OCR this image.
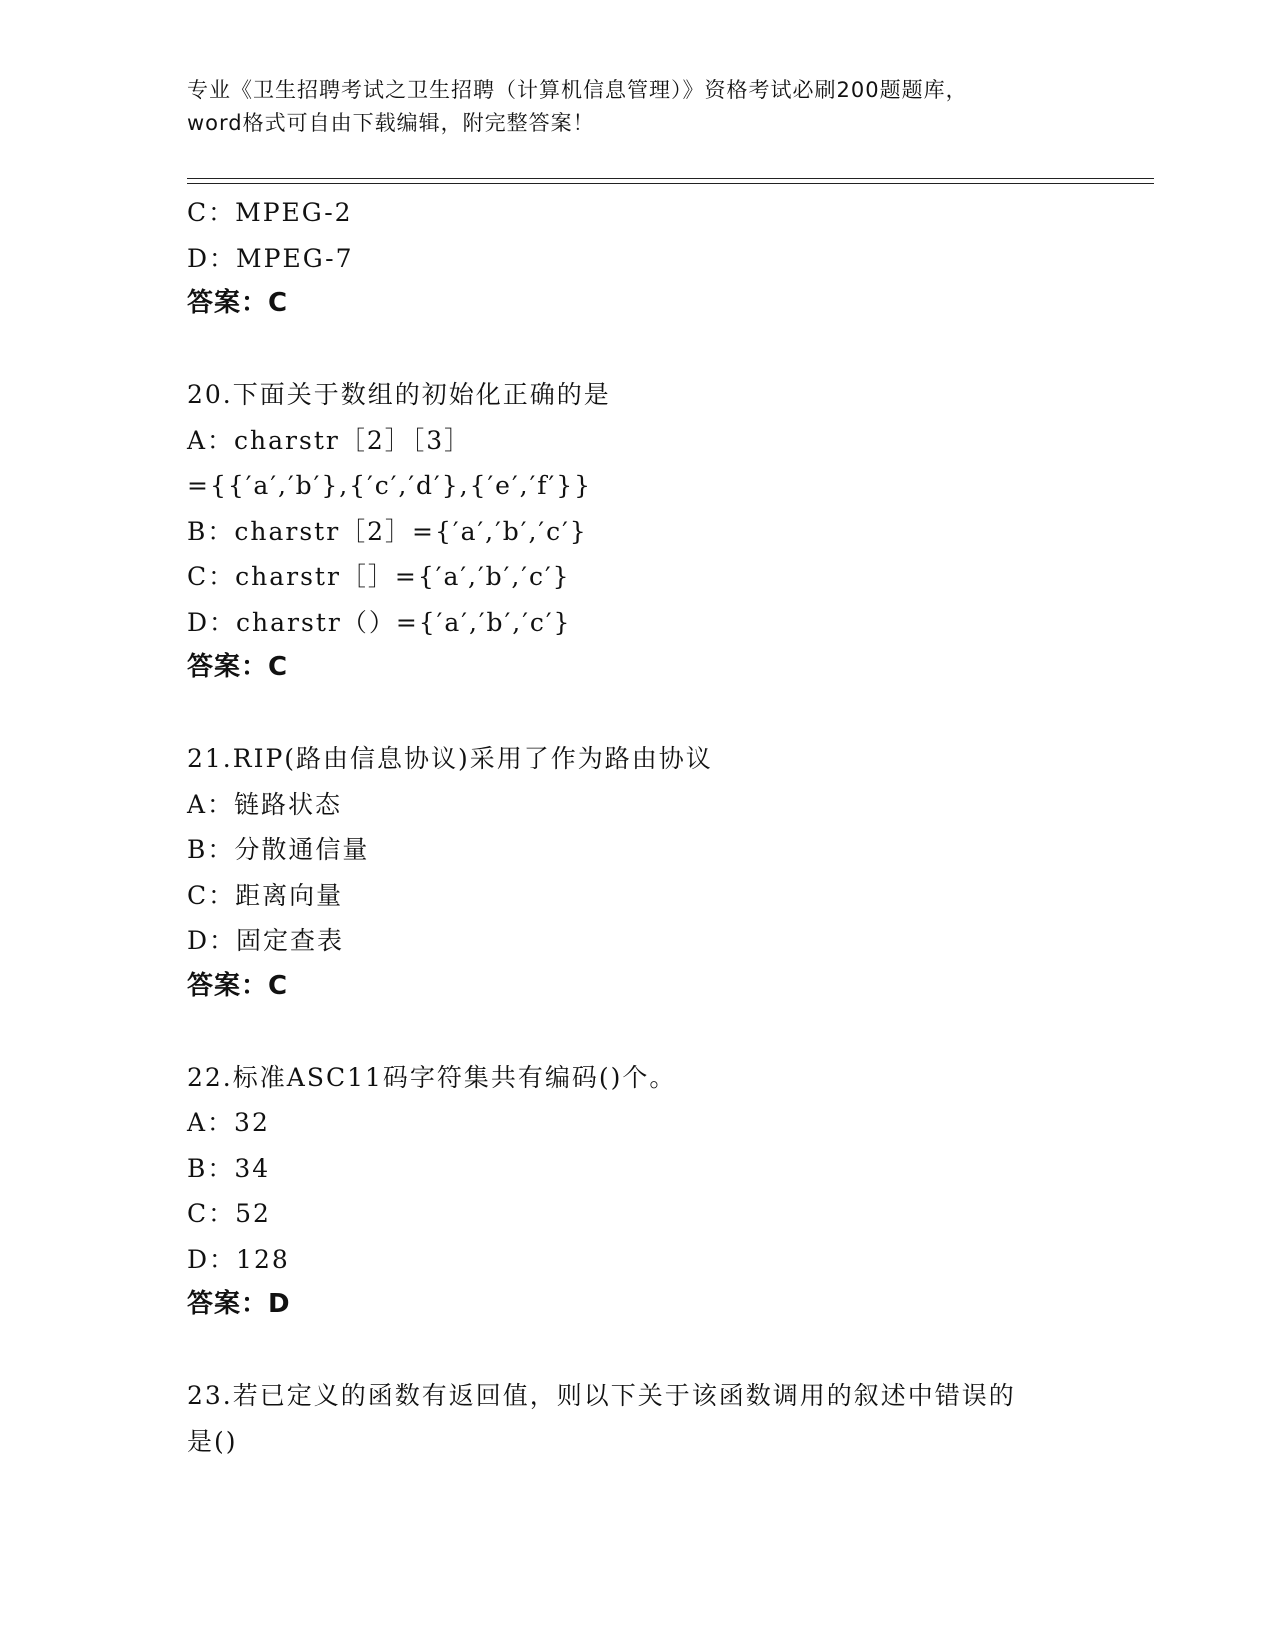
专业《卫生招聘考试之卫生招聘（计算机信息管理）》资格考试必刷200题题库，
word格式可自由下载编辑，附完整答案！
C：MPEG-2
D：MPEG-7
答案：C
20.下面关于数组的初始化正确的是
A：charstr［2］［3］
={{′a′,′b′},{′c′,′d′},{′e′,′f′}}
B：charstr［2］={′a′,′b′,′c′}
C：charstr［］={′a′,′b′,′c′}
D：charstr（）={′a′,′b′,′c′}
答案：C
21.RIP(路由信息协议)采用了作为路由协议
A：链路状态
B：分散通信量
C：距离向量
D：固定查表
答案：C
22.标准ASC11码字符集共有编码()个。
A：32
B：34
C：52
D：128
答案：D
23.若已定义的函数有返回值，则以下关于该函数调用的叙述中错误的
是()
